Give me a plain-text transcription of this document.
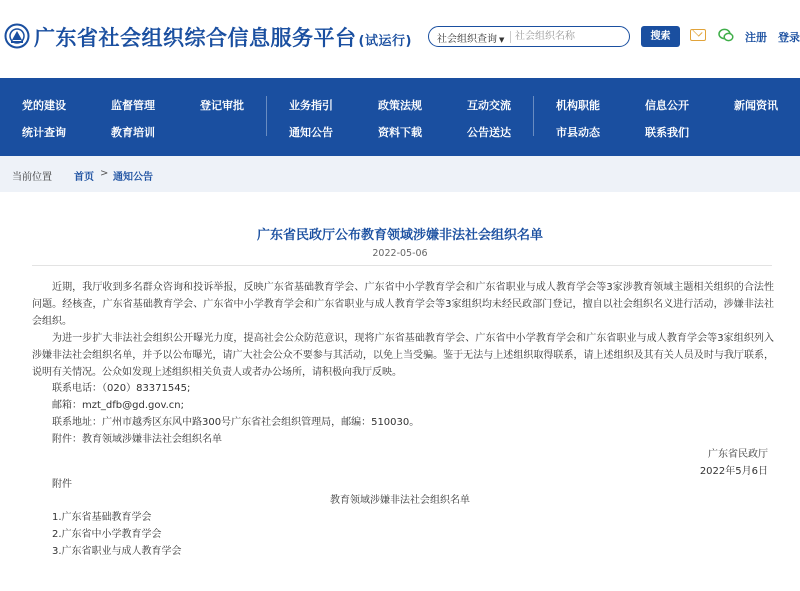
广东省社会组织综合信息服务平台 (试运行)	社会组织查询 ▼
社会组织名称	搜索	注册 登录
党的建设	监督管理	登记审批	业务指引	政策法规	互动交流	机构职能	信息公开	新闻资讯
统计查询	教育培训	通知公告	资料下载	公告送达	市县动态	联系我们
当前位置 首页 > 通知公告
广东省民政厅公布教育领域涉嫌非法社会组织名单
2022-05-06
近期，我厅收到多名群众咨询和投诉举报，反映广东省基础教育学会、广东省中小学教育学会和广东省职业与成人教育学会等3家涉教育领域主题相关组织的合法性问题。经核查，广东省基础教育学会、广东省中小学教育学会和广东省职业与成人教育学会等3家组织均未经民政部门登记，擅自以社会组织名义进行活动，涉嫌非法社会组织。
为进一步扩大非法社会组织公开曝光力度，提高社会公众防范意识，现将广东省基础教育学会、广东省中小学教育学会和广东省职业与成人教育学会等3家组织列入涉嫌非法社会组织名单，并予以公布曝光，请广大社会公众不要参与其活动，以免上当受骗。鉴于无法与上述组织取得联系，请上述组织及其有关人员及时与我厅联系，说明有关情况。公众如发现上述组织相关负责人或者办公场所，请积极向我厅反映。
联系电话：（020）83371545;
邮箱：mzt_dfb@gd.gov.cn;
联系地址：广州市越秀区东风中路300号广东省社会组织管理局，邮编：510030。
附件：教育领域涉嫌非法社会组织名单
广东省民政厅
2022年5月6日
附件
教育领域涉嫌非法社会组织名单
1.广东省基础教育学会
2.广东省中小学教育学会
3.广东省职业与成人教育学会
